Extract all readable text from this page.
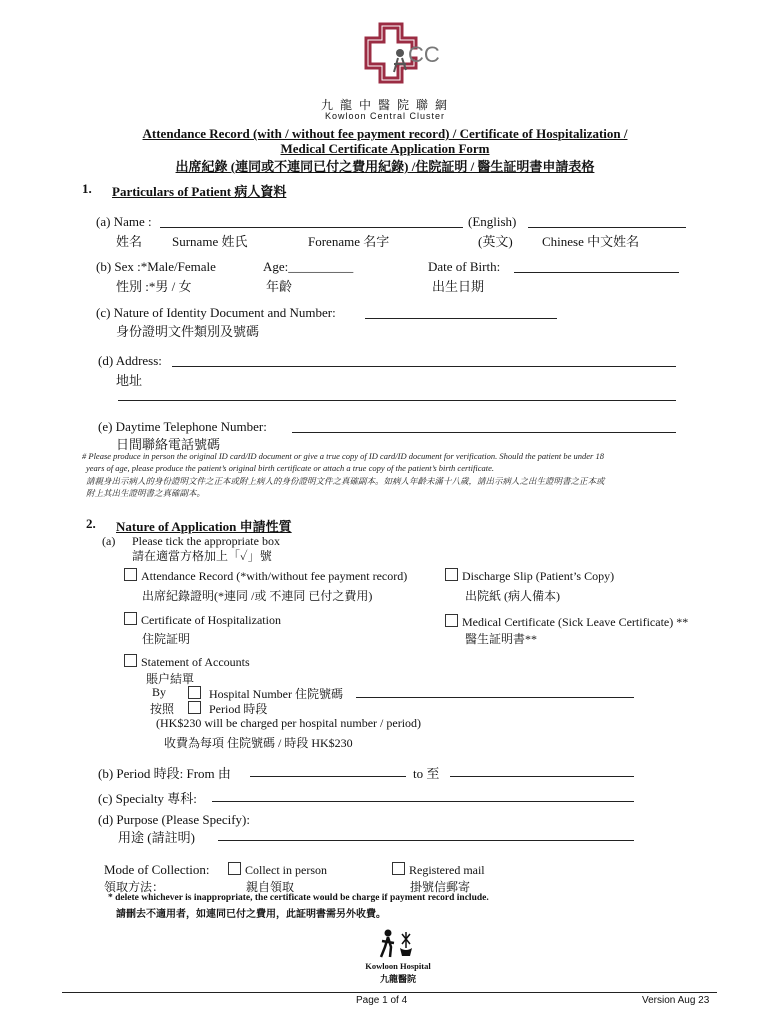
CC
九 龍 中 醫 院 聯 網
Kowloon Central Cluster
Attendance Record (with / without fee payment record) / Certificate of Hospitalization /
Medical Certificate Application Form
出席紀錄 (連同或不連同已付之費用紀錄) /住院証明 / 醫生証明書申請表格
1. Particulars of Patient 病人資料
(a) Name :	(English)
姓名 Surname 姓氏	Forename 名字	(英文) Chinese 中文姓名
(b) Sex :*Male/Female	Age:__________	Date of Birth:
性別 :*男 / 女	年齡	出生日期
(c) Nature of Identity Document and Number:
身份證明文件類別及號碼
(d) Address:
地址
(e) Daytime Telephone Number:
日間聯絡電話號碼
# Please produce in person the original ID card/ID document or give a true copy of ID card/ID document for verification. Should the patient be under 18
years of age, please produce the patient’s original birth certificate or attach a true copy of the patient’s birth certificate.
請親身出示病人的身份證明文件之正本或附上病人的身份證明文件之真確副本。如病人年齡未滿十八歲，請出示病人之出生證明書之正本或
附上其出生證明書之真確副本。
2. Nature of Application 申請性質
(a) Please tick the appropriate box
請在適當方格加上「✓」號
Attendance Record (*with/without fee payment record)
出席紀錄證明(*連同 /或 不連同 已付之費用)
Discharge Slip (Patient’s Copy)
出院紙 (病人備本)
Certificate of Hospitalization
住院証明
Medical Certificate (Sick Leave Certificate) **
醫生証明書**
Statement of Accounts
賬户結單
By	Hospital Number 住院號碼
按照	Period 時段
(HK$230 will be charged per hospital number / period)
收費為每項 住院號碼 / 時段 HK$230
(b) Period 時段: From 由	to 至
(c) Specialty 專科:
(d) Purpose (Please Specify):
用途 (請註明)
Mode of Collection:	Collect in person	Registered mail
領取方法：	親自領取	掛號信郵寄
* delete whichever is inappropriate, the certificate would be charge if payment record include.
請刪去不適用者，如連同已付之費用，此証明書需另外收費。
Kowloon Hospital
九龍醫院
Page 1 of 4	Version Aug 23
